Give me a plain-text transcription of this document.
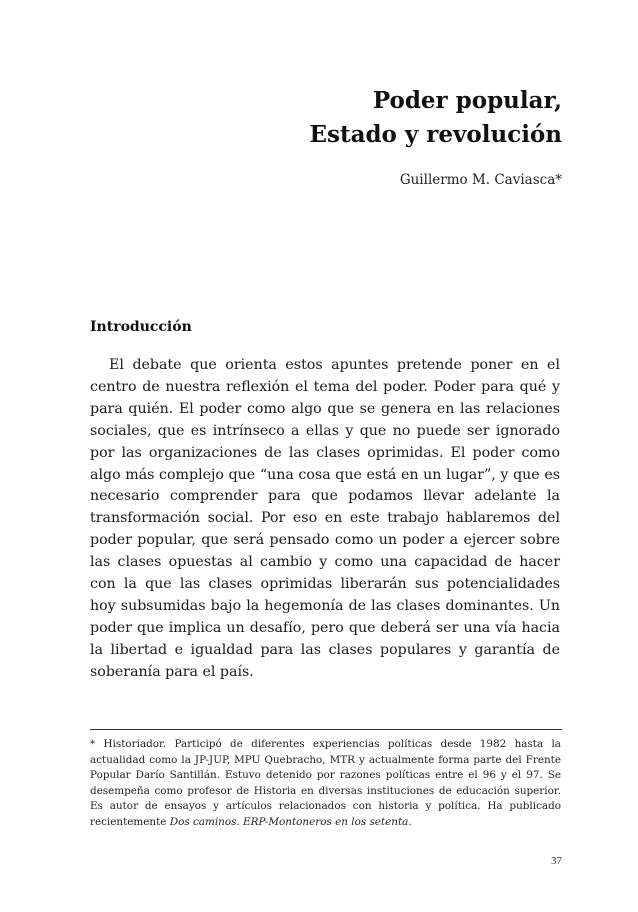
Poder popular,
Estado y revolución
Guillermo M. Caviasca*
Introducción

El debate que orienta estos apuntes pretende poner en el centro de nuestra reflexión el tema del poder. Poder para qué y para quién. El poder como algo que se genera en las relaciones sociales, que es intrínseco a ellas y que no puede ser ignorado por las organizaciones de las clases oprimidas. El poder como algo más complejo que “una cosa que está en un lugar”, y que es necesario comprender para que podamos llevar adelante la transformación social. Por eso en este trabajo hablaremos del poder popular, que será pensado como un poder a ejercer sobre las clases opuestas al cambio y como una capacidad de hacer con la que las clases oprimidas liberarán sus potencialidades hoy subsumidas bajo la hegemonía de las clases dominantes. Un poder que implica un desafío, pero que deberá ser una vía hacia la libertad e igualdad para las clases populares y garantía de soberanía para el país.

* Historiador. Participó de diferentes experiencias políticas desde 1982 hasta la actualidad como la JP-JUP, MPU Quebracho, MTR y actualmente forma parte del Frente Popular Darío Santillán. Estuvo detenido por razones políticas entre el 96 y el 97. Se desempeña como profesor de Historia en diversas instituciones de educación superior. Es autor de ensayos y artículos relacionados con historia y política. Ha publicado recientemente Dos caminos. ERP-Montoneros en los setenta.

37
